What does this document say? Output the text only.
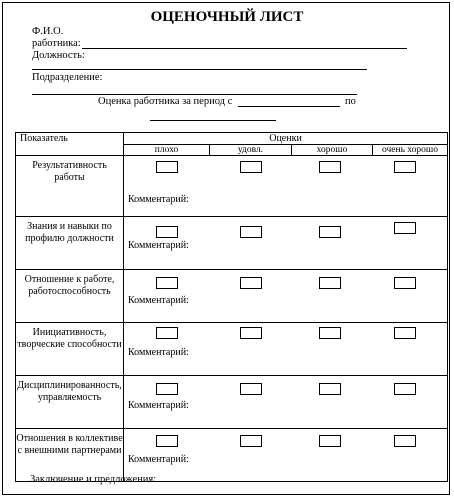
ОЦЕНОЧНЫЙ ЛИСТ
Ф.И.О.
работника:
Должность:
Подразделение:
Оценка работника за период с	по
Показатель	Оценки			
	плохо	удовл.	хорошо	очень хорошо
Результативность работы	Комментарий:			

Знания и навыки по профилю должности	Комментарий:			

Отношение к работе, работоспособность	Комментарий:			

Инициативность, творческие способности	Комментарий:			

Дисциплинированность, управляемость	Комментарий:			

Отношения в коллективе с внешними партнерами	Комментарий:			
Заключение и предложения:
